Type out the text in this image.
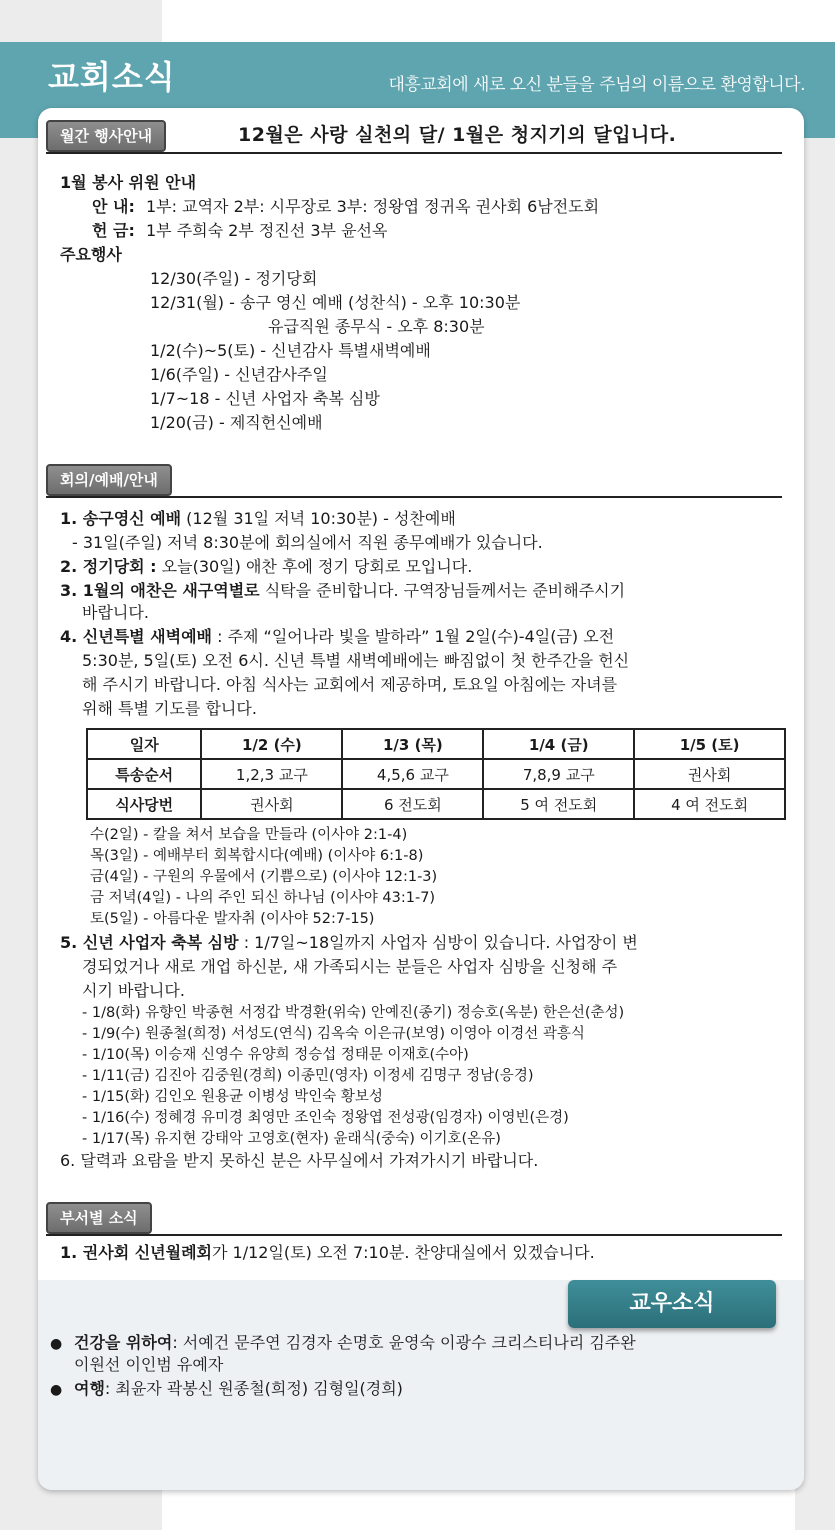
교회소식	대흥교회에 새로 오신 분들을 주님의 이름으로 환영합니다.
월간 행사안내	12월은 사랑 실천의 달/ 1월은 청지기의 달입니다.
1월 봉사 위원 안내
안 내: 1부: 교역자 2부: 시무장로 3부: 정왕엽 정귀옥 권사회 6남전도회
헌 금: 1부 주희숙 2부 정진선 3부 윤선옥
주요행사
12/30(주일) - 정기당회
12/31(월) - 송구 영신 예배 (성찬식) - 오후 10:30분
유급직원 종무식 - 오후 8:30분
1/2(수)~5(토) - 신년감사 특별새벽예배
1/6(주일) - 신년감사주일
1/7~18 - 신년 사업자 축복 심방
1/20(금) - 제직헌신예배
회의/예배/안내
1. 송구영신 예배 (12월 31일 저녁 10:30분) - 성찬예배
- 31일(주일) 저녁 8:30분에 회의실에서 직원 종무예배가 있습니다.
2. 정기당회 : 오늘(30일) 애찬 후에 정기 당회로 모입니다.
3. 1월의 애찬은 새구역별로 식탁을 준비합니다. 구역장님들께서는 준비해주시기
바랍니다.
4. 신년특별 새벽예배 : 주제 “일어나라 빛을 발하라” 1월 2일(수)-4일(금) 오전
5:30분, 5일(토) 오전 6시. 신년 특별 새벽예배에는 빠짐없이 첫 한주간을 헌신
해 주시기 바랍니다. 아침 식사는 교회에서 제공하며, 토요일 아침에는 자녀를
위해 특별 기도를 합니다.
일자	1/2 (수)	1/3 (목)	1/4 (금)	1/5 (토)
특송순서	1,2,3 교구	4,5,6 교구	7,8,9 교구	권사회
식사당번	권사회	6 전도회	5 여 전도회	4 여 전도회
수(2일) - 칼을 쳐서 보습을 만들라 (이사야 2:1-4)
목(3일) - 예배부터 회복합시다(예배) (이사야 6:1-8)
금(4일) - 구원의 우물에서 (기쁨으로) (이사야 12:1-3)
금 저녁(4일) - 나의 주인 되신 하나님 (이사야 43:1-7)
토(5일) - 아름다운 발자취 (이사야 52:7-15)
5. 신년 사업자 축복 심방 : 1/7일~18일까지 사업자 심방이 있습니다. 사업장이 변
경되었거나 새로 개업 하신분, 새 가족되시는 분들은 사업자 심방을 신청해 주
시기 바랍니다.
- 1/8(화) 유향인 박종현 서정갑 박경환(위숙) 안예진(종기) 정승호(옥분) 한은선(춘성)
- 1/9(수) 원종철(희정) 서성도(연식) 김옥숙 이은규(보영) 이영아 이경선 곽흥식
- 1/10(목) 이승재 신영수 유양희 정승섭 정태문 이재호(수아)
- 1/11(금) 김진아 김중원(경희) 이종민(영자) 이정세 김명구 정남(응경)
- 1/15(화) 김인오 원용균 이병성 박인숙 황보성
- 1/16(수) 정혜경 유미경 최영만 조인숙 정왕엽 전성광(임경자) 이영빈(은경)
- 1/17(목) 유지현 강태악 고영호(현자) 윤래식(중숙) 이기호(온유)
6. 달력과 요람을 받지 못하신 분은 사무실에서 가져가시기 바랍니다.
부서별 소식
1. 권사회 신년월례회가 1/12일(토) 오전 7:10분. 찬양대실에서 있겠습니다.
교우소식
● 건강을 위하여: 서예건 문주연 김경자 손명호 윤영숙 이광수 크리스티나리 김주완
이원선 이인범 유예자
● 여행: 최윤자 곽봉신 원종철(희정) 김형일(경희)
